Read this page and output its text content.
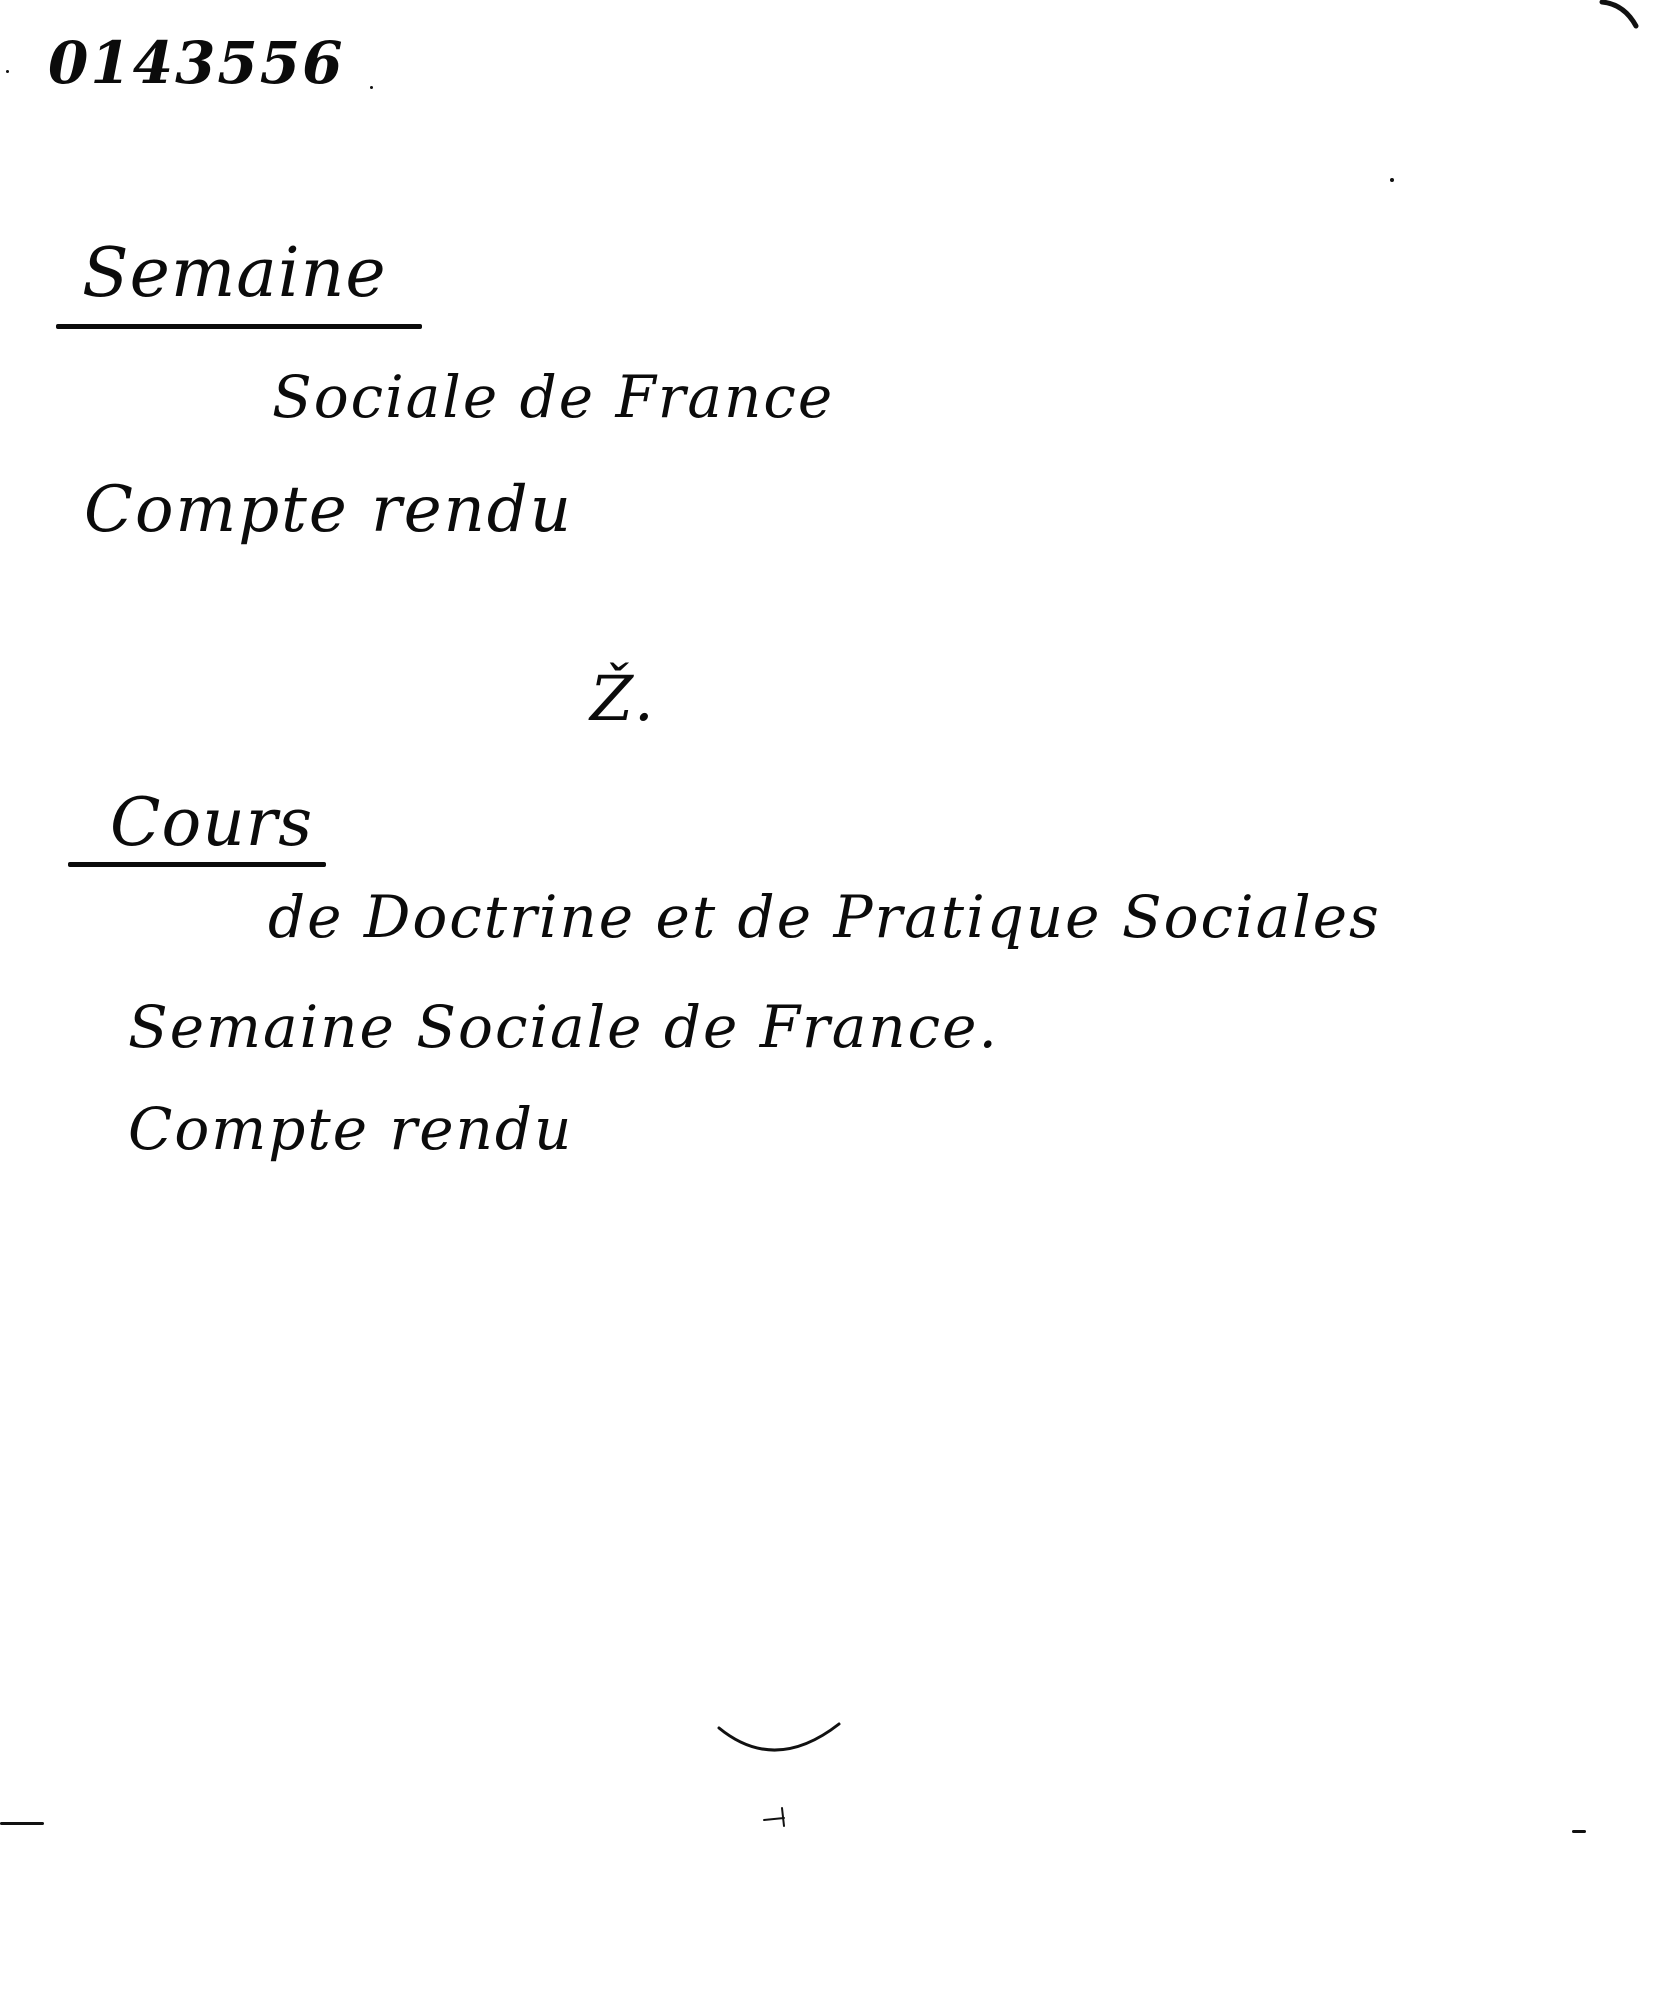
0143556
Semaine
Sociale de France
Compte rendu
Ž.
Cours
de Doctrine et de Pratique Sociales
Semaine Sociale de France.
Compte rendu
